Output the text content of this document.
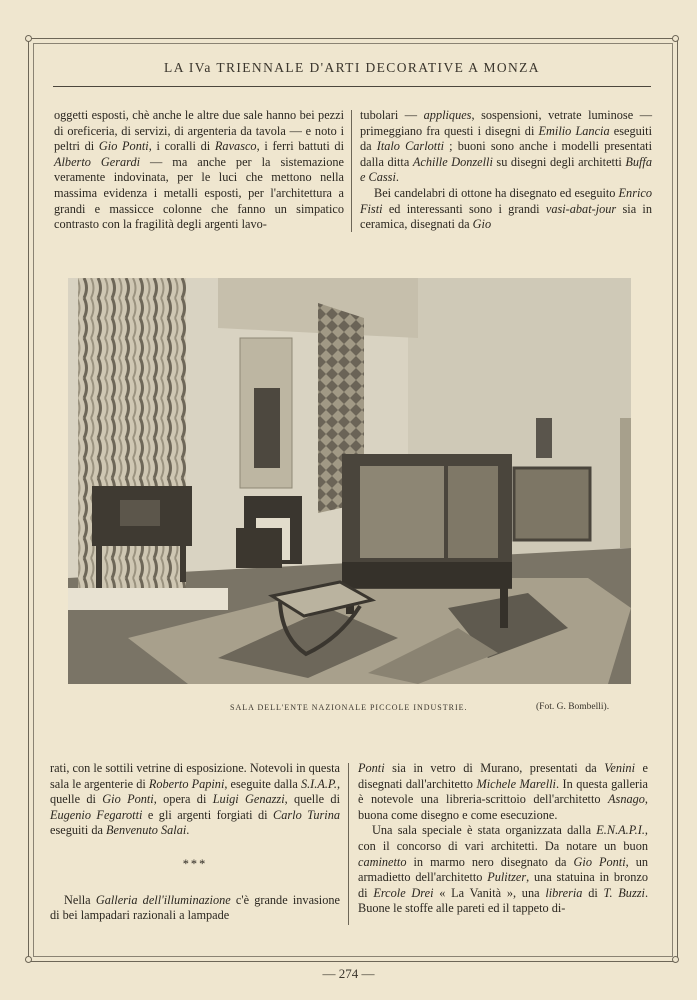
LA IVa TRIENNALE D'ARTI DECORATIVE A MONZA

oggetti esposti, chè anche le altre due sale hanno bei pezzi di oreficeria, di servizi, di argenteria da tavola — e noto i peltri di Gio Ponti, i coralli di Ravasco, i ferri battuti di Alberto Gerardi — ma anche per la sistemazione veramente indovinata, per le luci che mettono nella massima evidenza i metalli esposti, per l'architettura a grandi e massicce colonne che fanno un simpatico contrasto con la fragilità degli argenti lavo-

tubolari — appliques, sospensioni, vetrate luminose — primeggiano fra questi i disegni di Emilio Lancia eseguiti da Italo Carlotti ; buoni sono anche i modelli presentati dalla ditta Achille Donzelli su disegni degli architetti Buffa e Cassi.

Bei candelabri di ottone ha disegnato ed eseguito Enrico Fisti ed interessanti sono i grandi vasi-abat-jour sia in ceramica, disegnati da Gio

SALA DELL'ENTE NAZIONALE PICCOLE INDUSTRIE.	(Fot. G. Bombelli).

rati, con le sottili vetrine di esposizione. Notevoli in questa sala le argenterie di Roberto Papini, eseguite dalla S.I.A.P., quelle di Gio Ponti, opera di Luigi Genazzi, quelle di Eugenio Fegarotti e gli argenti forgiati di Carlo Turina eseguiti da Benvenuto Salai.

***

Nella Galleria dell'illuminazione c'è grande invasione di bei lampadari razionali a lampade

Ponti sia in vetro di Murano, presentati da Venini e disegnati dall'architetto Michele Marelli. In questa galleria è notevole una libreria-scrittoio dell'architetto Asnago, buona come disegno e come esecuzione.

Una sala speciale è stata organizzata dalla E.N.A.P.I., con il concorso di vari architetti. Da notare un buon caminetto in marmo nero disegnato da Gio Ponti, un armadietto dell'architetto Pulitzer, una statuina in bronzo di Ercole Drei « La Vanità », una libreria di T. Buzzi. Buone le stoffe alle pareti ed il tappeto di-

— 274 —
